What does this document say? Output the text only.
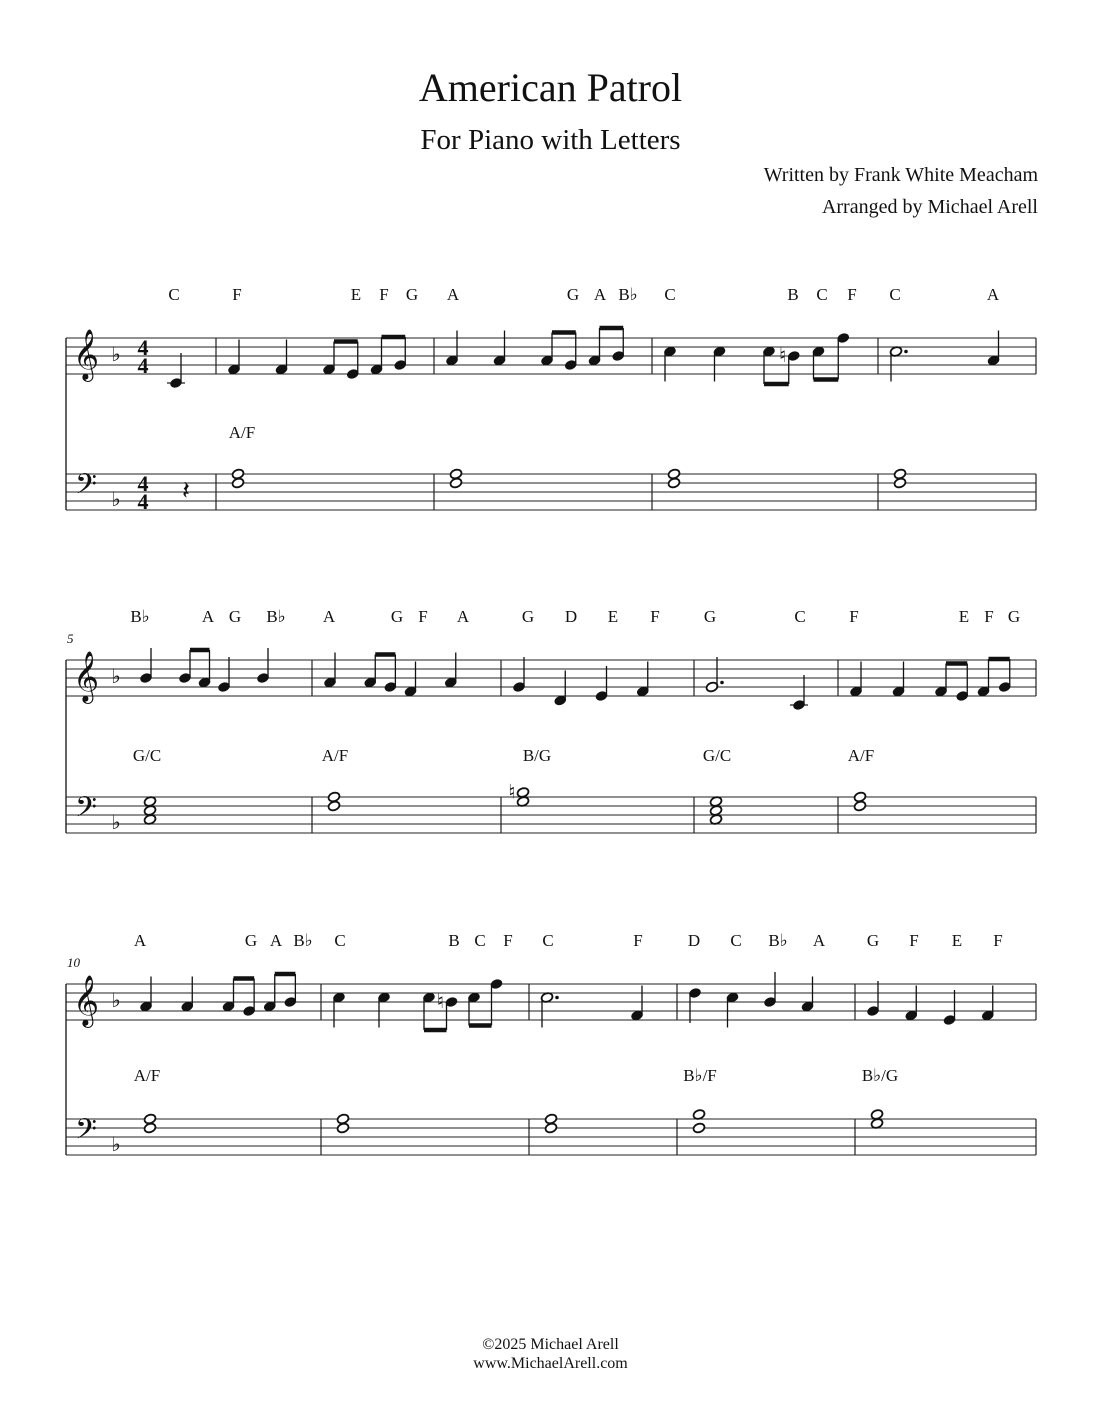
American Patrol
For Piano with Letters
Written by Frank White Meacham
Arranged by Michael Arell
C	F	E F G A	G A B♭ C	B C F C	A
A/F
𝄞
𝄢
♭
♭
4
4
4
4 𝄽
♮
B♭	A G B♭ A	G F A	G D E F	G	C	F	E F G
G/C	A/F	B/G	G/C	A/F
5
𝄞
𝄢
♭
♭
♮
A	G A B♭ C	B C F C	F	D C B♭ A G F E F
A/F	B♭/F	B♭/G
10
𝄞
𝄢
♭
♭
♮
©2025 Michael Arell
www.MichaelArell.com
